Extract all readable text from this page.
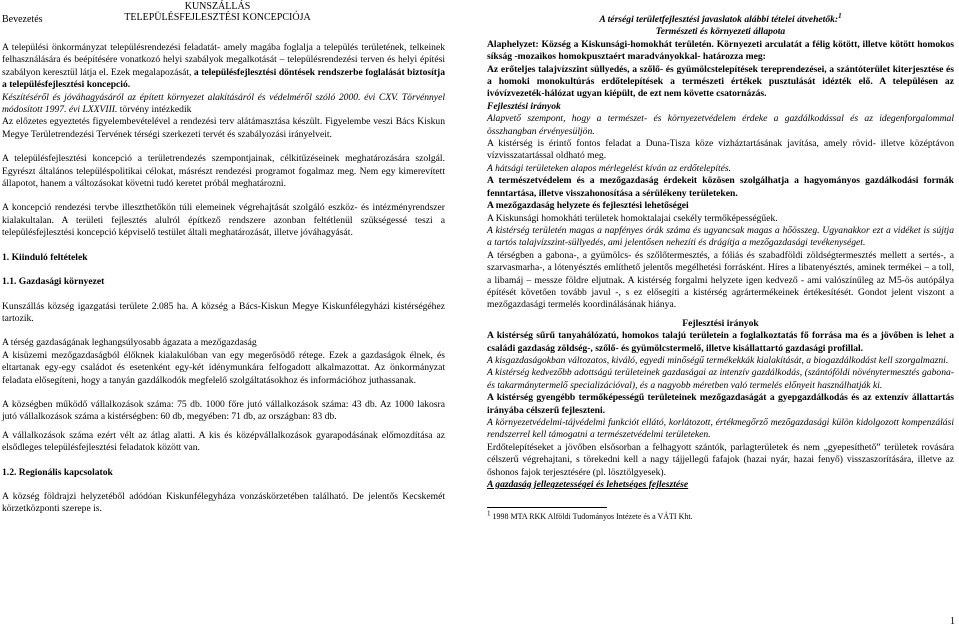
Bevezetés
KUNSZÁLLÁS
TELEPÜLÉSFEJLESZTÉSI KONCEPCIÓJA

A települési önkormányzat településrendezési feladatát- amely magába foglalja a település területének, telkeinek felhasználására és beépítésére vonatkozó helyi szabályok megalkotását – településrendezési terven és helyi építési szabályon keresztül látja el. Ezek megalapozását, a településfejlesztési döntések rendszerbe foglalását biztosítja a településfejlesztési koncepció.

Készítéséről és jóváhagyásáról az épített környezet alakításáról és védelméről szóló 2000. évi CXV. Törvénnyel módosított 1997. évi LXXVIII. törvény intézkedik

Az előzetes egyeztetés figyelembevételével a rendezési terv alátámasztása készült. Figyelembe veszi Bács Kiskun Megye Területrendezési Tervének térségi szerkezeti tervét és szabályozási irányelveit.

A településfejlesztési koncepció a területrendezés szempontjainak, célkitűzéseinek meghatározására szolgál. Egyrészt általános településpolitikai célokat, másrészt rendezési programot fogalmaz meg. Nem egy kimerevített állapotot, hanem a változásokat követni tudó keretet próbál meghatározni.

A koncepció rendezési tervbe illeszthetőkön túli elemeinek végrehajtását szolgáló eszköz- és intézményrendszer kialakultalan. A területi fejlesztés alulról építkező rendszere azonban feltétlenül szükségessé teszi a településfejlesztési koncepció képviselő testület általi meghatározását, illetve jóváhagyását.

1. Kiinduló feltételek

1.1. Gazdasági környezet

Kunszállás község igazgatási területe 2.085 ha. A község a Bács-Kiskun Megye Kiskunfélegyházi kistérségéhez tartozik.

A térség gazdaságának leghangsúlyosabb ágazata a mezőgazdaság

A kisüzemi mezőgazdaságból élőknek kialakulóban van egy megerősödő rétege. Ezek a gazdaságok élnek, és eltartanak egy-egy családot és esetenként egy-két idénymunkára felfogadott alkalmazottat. Az önkormányzat feladata elősegíteni, hogy a tanyán gazdálkodók megfelelő szolgáltatásokhoz és információhoz juthassanak.

A községben működő vállalkozások száma: 75 db. 1000 főre jutó vállalkozások száma: 43 db. Az 1000 lakosra jutó vállalkozások száma a kistérségben: 60 db, megyében: 71 db, az országban: 83 db.

A vállalkozások száma ezért vélt az átlag alatti. A kis és középvállalkozások gyarapodásának előmozdítása az elsődleges településfejlesztési feladatok között van.

1.2. Regionális kapcsolatok

A község földrajzi helyzetéből adódóan Kiskunfélegyháza vonzáskörzetében található. De jelentős Kecskemét körzetközponti szerepe is.

A térségi területfejlesztési javaslatok alábbi tételei átvehetők:$^1$

Természeti és környezeti állapota

Alaphelyzet: Község a Kiskunsági-homokhát területén. Környezeti arculatát a félig kötött, illetve kötött homokos síkság -mozaikos homokpusztaért maradványokkal- határozza meg:

Az erőteljes talajvízszint süllyedés, a szőlő- és gyümölcstelepítések tereprendezései, a szántóterület kiterjesztése és a homoki monokultúrás erdőtelepítések a természeti értékek pusztulását idézték elő. A településen az ivóvízvezeték-hálózat ugyan kiépült, de ezt nem követte csatornázás.

Fejlesztési irányok

Alapvető szempont, hogy a természet- és környezetvédelem érdeke a gazdálkodással és az idegenforgalommal összhangban érvényesüljön.

A kistérség is érintő fontos feladat a Duna-Tisza köze vízháztartásának javítása, amely rövid- illetve középtávon vízvisszatartással oldható meg.

A hátsági területeken alapos mérlegelést kíván az erdőtelepítés.

A természetvédelem és a mezőgazdaság érdekeit közösen szolgálhatja a hagyományos gazdálkodási formák fenntartása, illetve visszahonosítása a sérülékeny területeken.

A mezőgazdaság helyzete és fejlesztési lehetőségei

A Kiskunsági homokháti területek homoktalajai csekély termőképességűek.

A kistérség területén magas a napfényes órák száma és ugyancsak magas a hőösszeg. Ugyanakkor ezt a vidéket is sújtja a tartós talajvízszint-süllyedés, ami jelentősen nehezíti és drágítja a mezőgazdasági tevékenységet.

A térségben a gabona-, a gyümölcs- és szőlőtermesztés, a fóliás és szabadföldi zöldségtermesztés mellett a sertés-, a szarvasmarha-, a lótenyésztés említhető jelentős megélhetési forrásként. Híres a libatenyésztés, aminek termékei – a toll, a libamáj – messze földre eljutnak. A kistérség forgalmi helyzete igen kedvező - ami valószínűleg az M5-ös autópálya építését követően tovább javul -, s ez elősegíti a kistérség agrártermékeinek értékesítését. Gondot jelent viszont a mezőgazdasági termelés koordinálásának hiánya.

Fejlesztési irányok

A kistérség sűrű tanyahálózatú, homokos talajú területein a foglalkoztatás fő forrása ma és a jövőben is lehet a családi gazdaság zöldség-, szőlő- és gyümölcstermelő, illetve kisállattartó gazdasági profillal.

A kisgazdaságokban változatos, kiváló, egyedi minőségű termékekkák kialakítását, a biogazdálkodást kell szorgalmazni.

A kistérség kedvezőbb adottságú területeinek gazdaságai az intenzív gazdálkodás, (szántóföldi növénytermesztés gabona- és takarmánytermelő specializációval), és a nagyobb méretben való termelés előnyeit használhatják ki.

A kistérség gyengébb termőképességű területeinek mezőgazdaságát a gyepgazdálkodás és az extenzív állattartás irányába célszerű fejleszteni.

A környezetvédelmi-tájvédelmi funkciót ellátó, korlátozott, értékmegőrző mezőgazdasági külön kidolgozott kompenzálási rendszerrel kell támogatni a természetvédelmi területeken.

Erdőtelepítéseket a jövőben elsősorban a felhagyott szántók, parlagterületek és nem „gyepesíthető” területek rovására célszerű végrehajtani, s törekedni kell a nagy tájjellegű fafajok (hazai nyár, hazai fenyő) visszaszorítására, illetve az őshonos fajok terjesztésére (pl. lösztölgyesek).

A gazdaság jellegzetességei és lehetséges fejlesztése

$^1$ 1998 MTA RKK Alföldi Tudományos Intézete és a VÁTI Kht.

1
